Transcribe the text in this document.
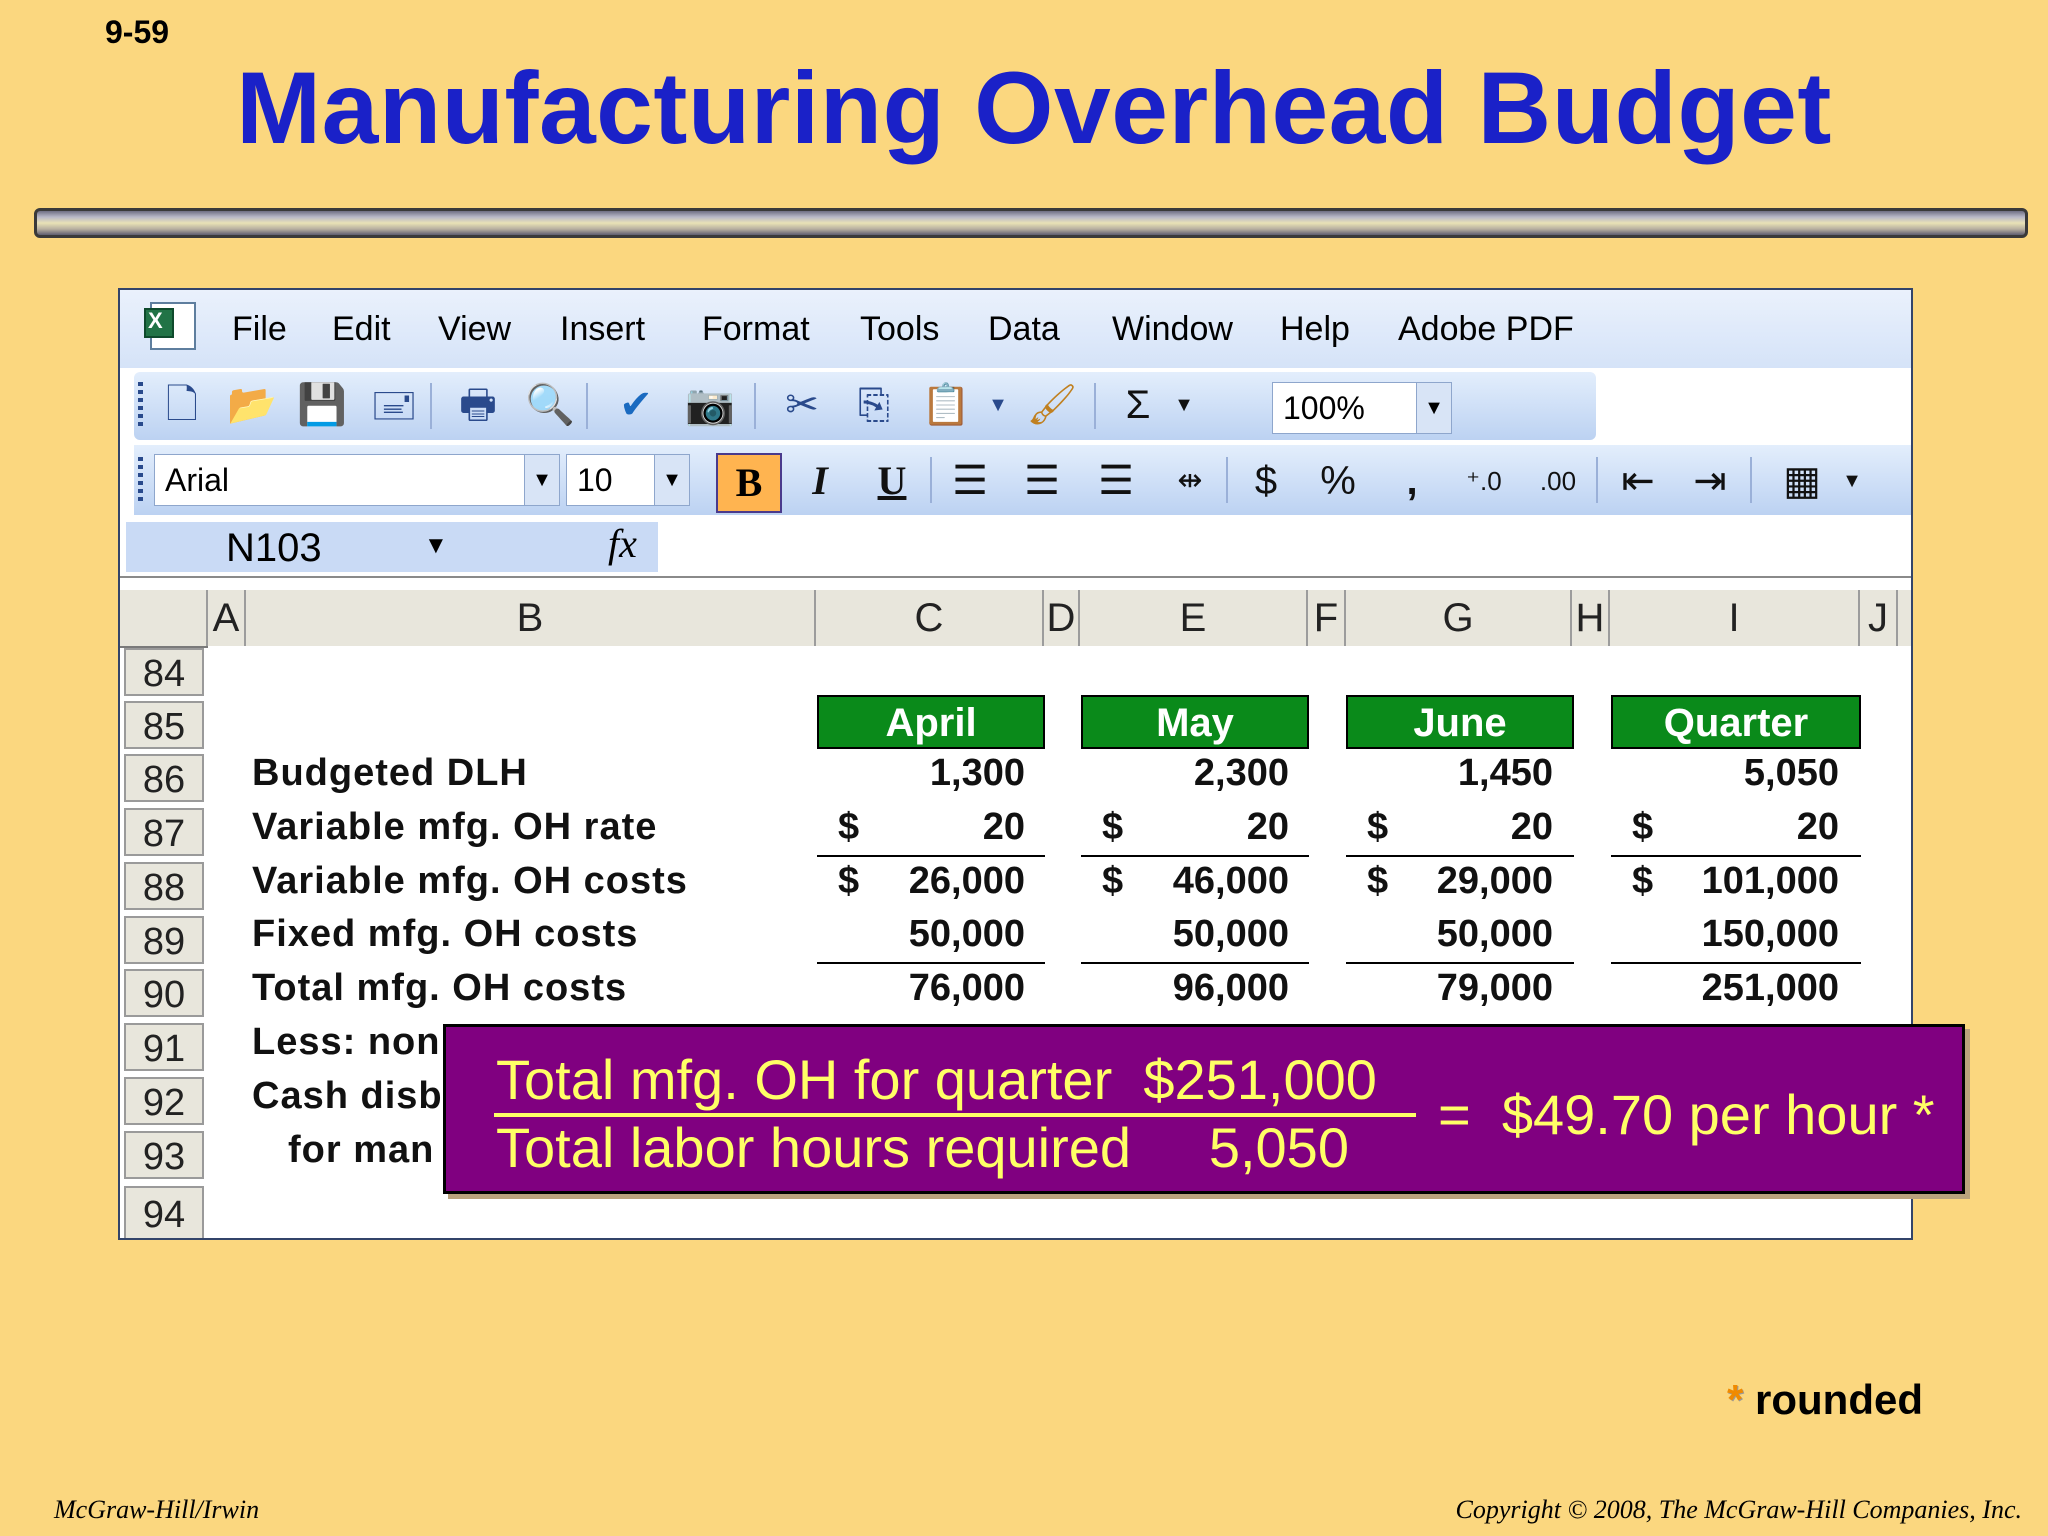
9-59
Manufacturing Overhead Budget
X
File Edit View Insert Format Tools Data Window Help Adobe PDF
🗋 📂 💾 🖃 🖶 🔍 ✔ 📷 ✂ ⎘ 📋 ▼ 🖌	Σ	▼	100%	▼
Arial	▼ 10	▼	B	I	U	☰ ☰ ☰	⇹	$	%	,	⁺.0	.00 ⇤ ⇥ ▦	▼
N103	▼	fx
A	B	C	D	E	F	G	H	I	J
84
85
86
87
88
89
90
91
92
93
94
April	May	June	Quarter
Budgeted DLH
Variable mfg. OH rate
Variable mfg. OH costs
Fixed mfg. OH costs
Total mfg. OH costs
Less: non
Cash disb
for man
1,300	2,300	1,450	5,050
$	$	$	$
20	20	20	20
$	$	$	$
26,000	46,000	29,000	101,000
50,000	50,000	50,000	150,000
76,000	96,000	79,000	251,000
Total mfg. OH for quarter  $251,000
Total labor hours required     5,050
=  $49.70 per hour *
* rounded
McGraw-Hill/Irwin	Copyright © 2008, The McGraw-Hill Companies, Inc.
